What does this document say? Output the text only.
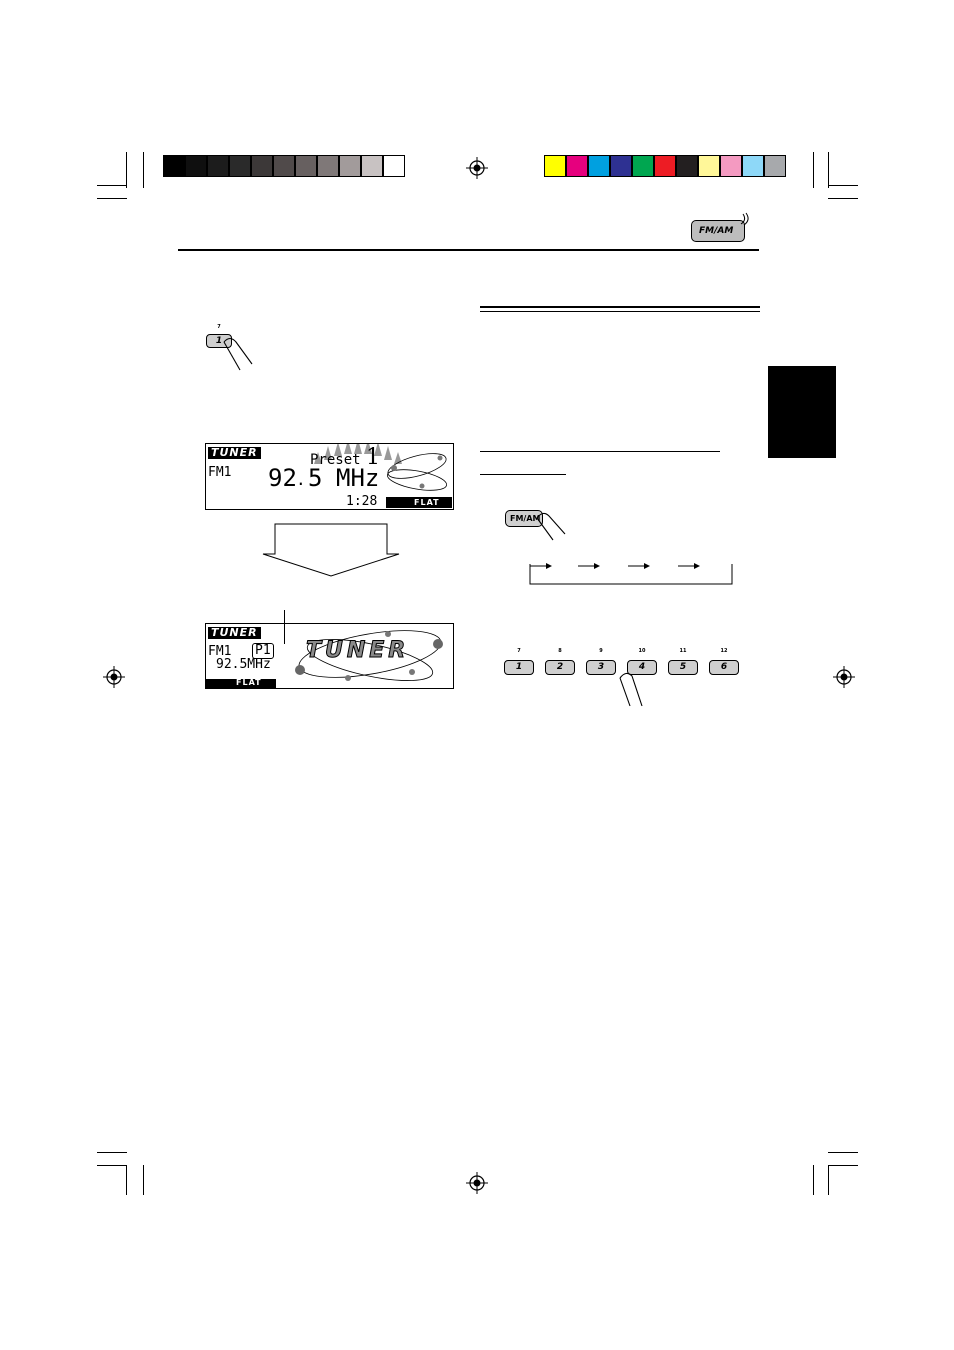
FM/AM
7
1
TUNER	Preset 1
FM1 92 . 5 MHz
1:28	FLAT
TUNER
FM1 P1
92.5MHz
TUNER
FLAT
FM/AM
7
1
8
2
9
3
10
4
11
5
12
6
